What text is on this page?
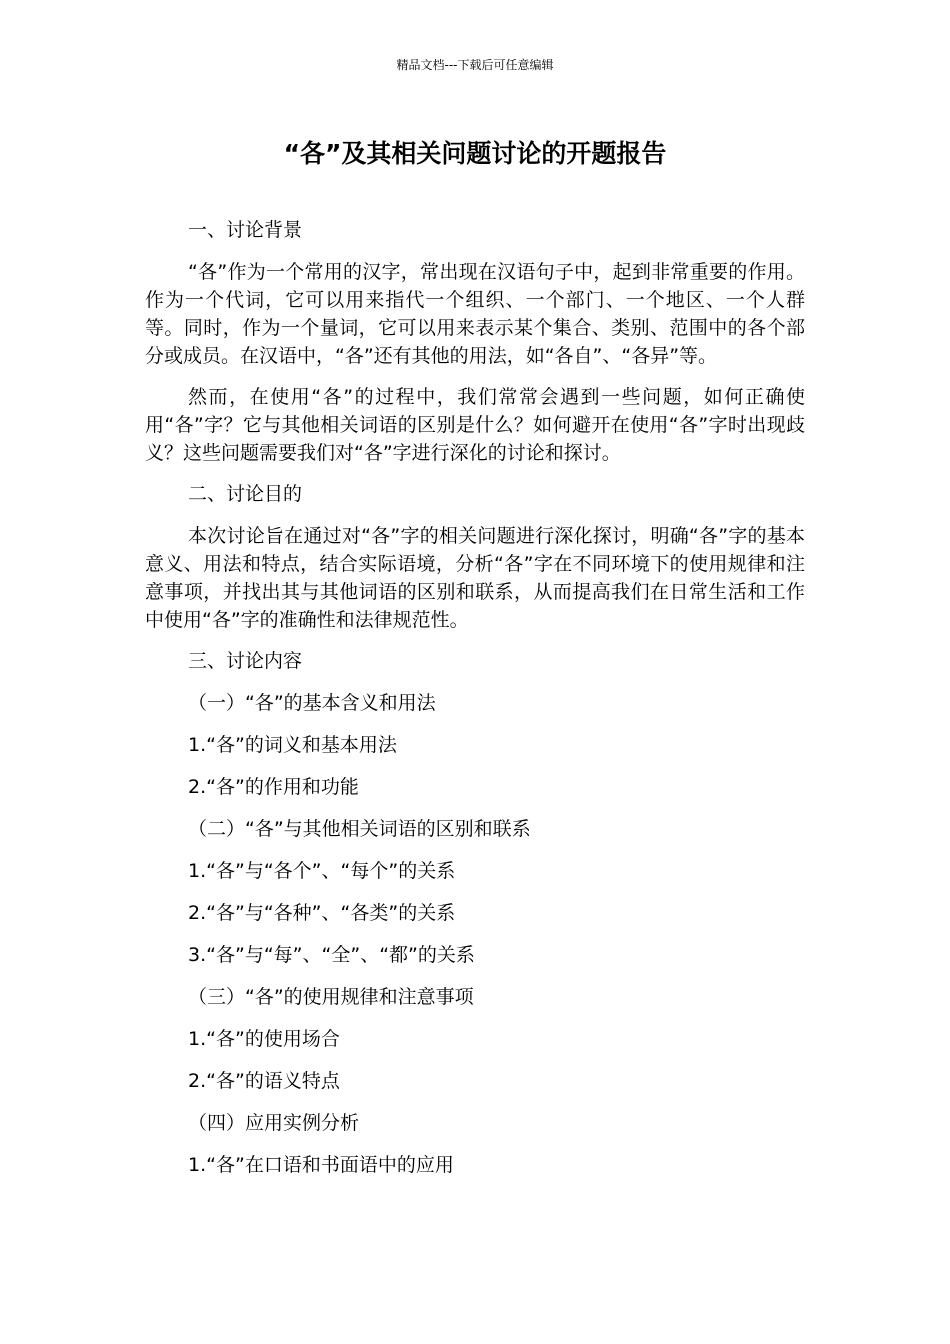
精品文档---下载后可任意编辑
“各”及其相关问题讨论的开题报告

一、讨论背景

“各”作为一个常用的汉字，常出现在汉语句子中，起到非常重要的作用。作为一个代词，它可以用来指代一个组织、一个部门、一个地区、一个人群等。同时，作为一个量词，它可以用来表示某个集合、类别、范围中的各个部分或成员。在汉语中，“各”还有其他的用法，如“各自”、“各异”等。

然而，在使用“各”的过程中，我们常常会遇到一些问题，如何正确使用“各”字？它与其他相关词语的区别是什么？如何避开在使用“各”字时出现歧义？这些问题需要我们对“各”字进行深化的讨论和探讨。

二、讨论目的

本次讨论旨在通过对“各”字的相关问题进行深化探讨，明确“各”字的基本意义、用法和特点，结合实际语境，分析“各”字在不同环境下的使用规律和注意事项，并找出其与其他词语的区别和联系，从而提高我们在日常生活和工作中使用“各”字的准确性和法律规范性。

三、讨论内容

（一）“各”的基本含义和用法

1.“各”的词义和基本用法

2.“各”的作用和功能

（二）“各”与其他相关词语的区别和联系

1.“各”与“各个”、“每个”的关系

2.“各”与“各种”、“各类”的关系

3.“各”与“每”、“全”、“都”的关系

（三）“各”的使用规律和注意事项

1.“各”的使用场合

2.“各”的语义特点

（四）应用实例分析

1.“各”在口语和书面语中的应用
